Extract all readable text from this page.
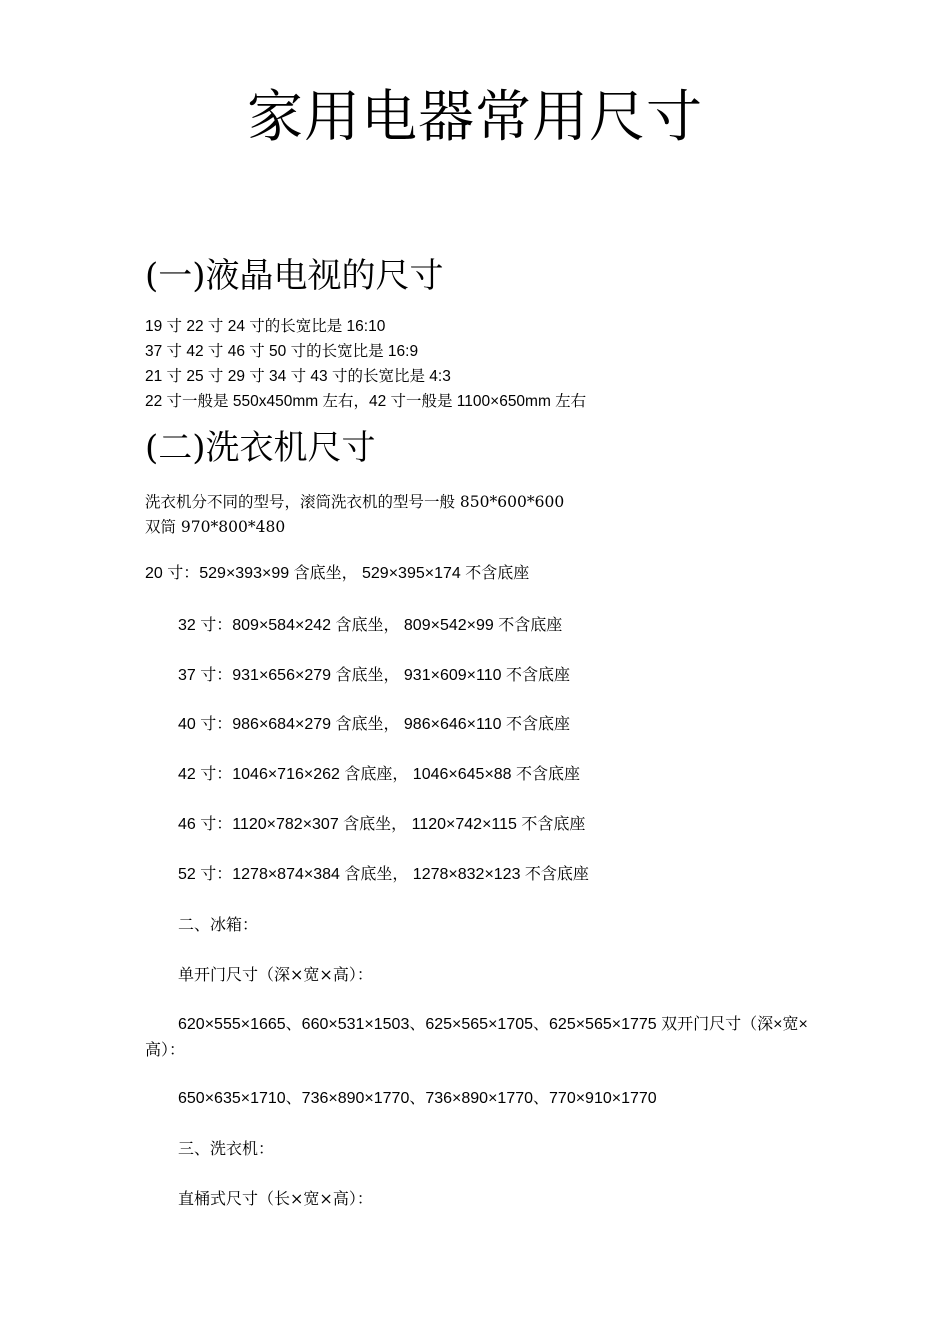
家用电器常用尺寸
(一)液晶电视的尺寸
19 寸 22 寸 24 寸的长宽比是 16:10
37 寸 42 寸 46 寸 50 寸的长宽比是 16:9
21 寸 25 寸 29 寸 34 寸 43 寸的长宽比是 4:3
22 寸一般是 550x450mm 左右，42 寸一般是 1100×650mm 左右
(二)洗衣机尺寸
洗衣机分不同的型号，滚筒洗衣机的型号一般 850*600*600
双筒 970*800*480
20 寸：529×393×99 含底坐， 529×395×174 不含底座
32 寸：809×584×242 含底坐， 809×542×99 不含底座
37 寸：931×656×279 含底坐， 931×609×110 不含底座
40 寸：986×684×279 含底坐， 986×646×110 不含底座
42 寸：1046×716×262 含底座， 1046×645×88 不含底座
46 寸：1120×782×307 含底坐， 1120×742×115 不含底座
52 寸：1278×874×384 含底坐， 1278×832×123 不含底座
二、冰箱：
单开门尺寸（深×宽×高）：

620×555×1665、660×531×1503、625×565×1705、625×565×1775 双开门尺寸（深×宽×高）：

650×635×1710、736×890×1770、736×890×1770、770×910×1770
三、洗衣机：
直桶式尺寸（长×宽×高）：
